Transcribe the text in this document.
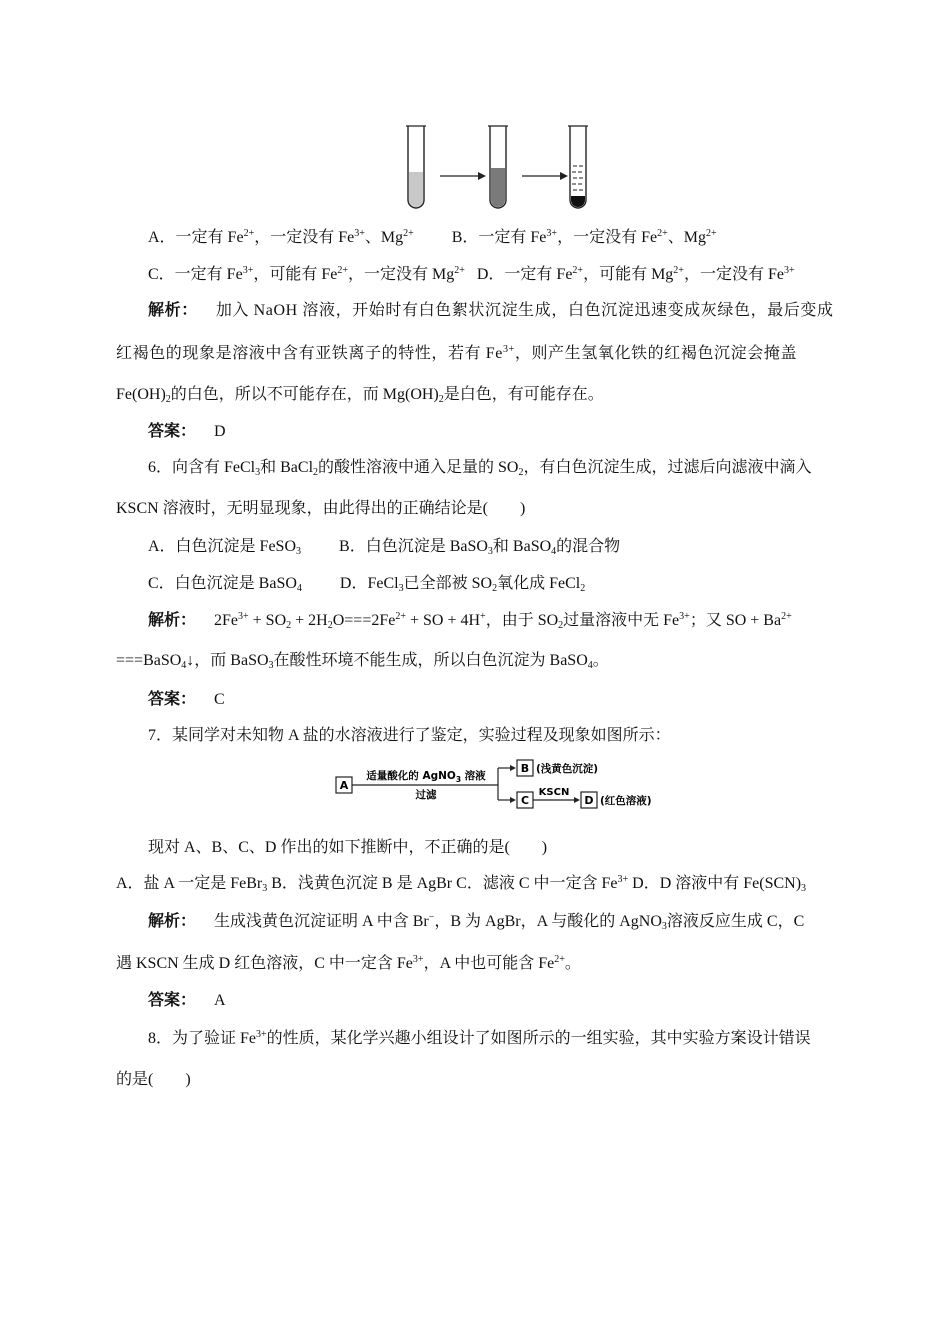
A．一定有 $Fe^{2+}$，一定没有 $Fe^{3+}$、$Mg^{2+}$ B．一定有 $Fe^{3+}$，一定没有 $Fe^{2+}$、$Mg^{2+}$
C．一定有 $Fe^{3+}$，可能有 $Fe^{2+}$，一定没有 $Mg^{2+}$ D．一定有 $Fe^{2+}$，可能有 $Mg^{2+}$，一定没有 $Fe^{3+}$
解析： 加入 NaOH 溶液，开始时有白色絮状沉淀生成，白色沉淀迅速变成灰绿色，最后变成
红褐色的现象是溶液中含有亚铁离子的特性，若有 $Fe^{3+}$，则产生氢氧化铁的红褐色沉淀会掩盖
$Fe(OH)_2$的白色，所以不可能存在，而 $Mg(OH)_2$是白色，有可能存在。
答案： D
6．向含有 FeCl$_3$和 BaCl$_2$的酸性溶液中通入足量的 $SO_2$，有白色沉淀生成，过滤后向滤液中滴入
KSCN 溶液时，无明显现象，由此得出的正确结论是(　　)
A．白色沉淀是 FeSO$_3$ B．白色沉淀是 BaSO$_3$和 BaSO$_4$的混合物
C．白色沉淀是 BaSO$_4$ D．FeCl$_3$已全部被 $SO_2$氧化成 FeCl$_2$
解析： $2Fe^{3+} + SO_2 + 2H_2O===2Fe^{2+}$ + SO + 4H+，由于 $SO_2$过量溶液中无 $Fe^{3+}$；又 SO + $Ba^{2+}$
===BaSO$_4$↓，而 BaSO$_3$在酸性环境不能生成，所以白色沉淀为 BaSO$_4$。
答案： C
7．某同学对未知物 A 盐的水溶液进行了鉴定，实验过程及现象如图所示：
A
适量酸化的 AgNO$_3$ 溶液
过滤
B (浅黄色沉淀)
C
KSCN
D (红色溶液)
现对 A、B、C、D 作出的如下推断中，不正确的是(　　)
A．盐 A 一定是 FeBr$_3$ B．浅黄色沉淀 B 是 AgBr C．滤液 C 中一定含 $Fe^{3+}$ D．D 溶液中有 $Fe(SCN)_3$
解析： 生成浅黄色沉淀证明 A 中含 Br−，B 为 AgBr，A 与酸化的 AgNO$_3$溶液反应生成 C，C
遇 KSCN 生成 D 红色溶液，C 中一定含 $Fe^{3+}$，A 中也可能含 $Fe^{2+}$。
答案： A
8．为了验证 $Fe^{3+}$的性质，某化学兴趣小组设计了如图所示的一组实验，其中实验方案设计错误
的是(　　)
